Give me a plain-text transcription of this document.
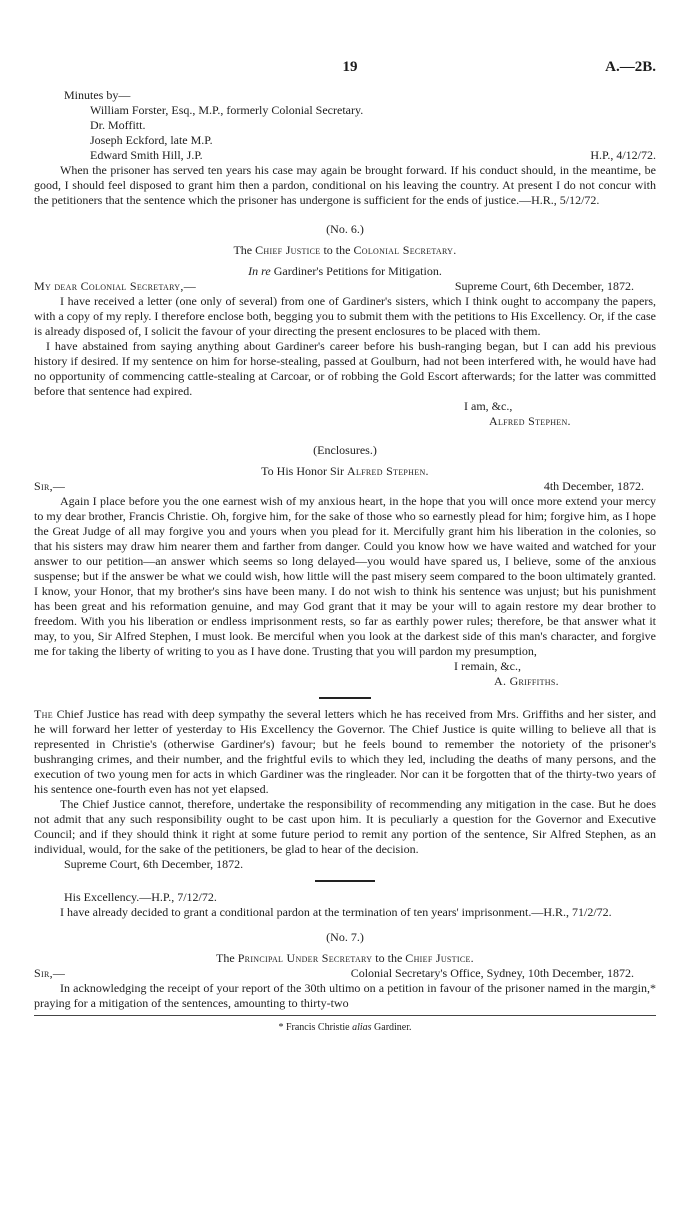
19	A.—2B.
Minutes by—
William Forster, Esq., M.P., formerly Colonial Secretary.
Dr. Moffitt.
Joseph Eckford, late M.P.
Edward Smith Hill, J.P.	H.P., 4/12/72.

When the prisoner has served ten years his case may again be brought forward. If his conduct should, in the meantime, be good, I should feel disposed to grant him then a pardon, conditional on his leaving the country. At present I do not concur with the petitioners that the sentence which the prisoner has undergone is sufficient for the ends of justice.—H.R., 5/12/72.

(No. 6.)
The Chief Justice to the Colonial Secretary.
In re Gardiner's Petitions for Mitigation.
My dear Colonial Secretary,—	Supreme Court, 6th December, 1872.

I have received a letter (one only of several) from one of Gardiner's sisters, which I think ought to accompany the papers, with a copy of my reply. I therefore enclose both, begging you to submit them with the petitions to His Excellency. Or, if the case is already disposed of, I solicit the favour of your directing the present enclosures to be placed with them.

I have abstained from saying anything about Gardiner's career before his bush-ranging began, but I can add his previous history if desired. If my sentence on him for horse-stealing, passed at Goulburn, had not been interfered with, he would have had no opportunity of commencing cattle-stealing at Carcoar, or of robbing the Gold Escort afterwards; for the latter was committed before that sentence had expired.

I am, &c.,
Alfred Stephen.
(Enclosures.)
To His Honor Sir Alfred Stephen.
Sir,—	4th December, 1872.

Again I place before you the one earnest wish of my anxious heart, in the hope that you will once more extend your mercy to my dear brother, Francis Christie. Oh, forgive him, for the sake of those who so earnestly plead for him; forgive him, as I hope the Great Judge of all may forgive you and yours when you plead for it. Mercifully grant him his liberation in the colonies, so that his sisters may draw him nearer them and farther from danger. Could you know how we have waited and watched for your answer to our petition—an answer which seems so long delayed—you would have spared us, I believe, some of the anxious suspense; but if the answer be what we could wish, how little will the past misery seem compared to the boon ultimately granted. I know, your Honor, that my brother's sins have been many. I do not wish to think his sentence was unjust; but his punishment has been great and his reformation genuine, and may God grant that it may be your will to again restore my dear brother to freedom. With you his liberation or endless imprisonment rests, so far as earthly power rules; therefore, be that answer what it may, to you, Sir Alfred Stephen, I must look. Be merciful when you look at the darkest side of this man's character, and forgive me for taking the liberty of writing to you as I have done. Trusting that you will pardon my presumption,

I remain, &c.,
A. Griffiths.

The Chief Justice has read with deep sympathy the several letters which he has received from Mrs. Griffiths and her sister, and he will forward her letter of yesterday to His Excellency the Governor. The Chief Justice is quite willing to believe all that is represented in Christie's (otherwise Gardiner's) favour; but he feels bound to remember the notoriety of the prisoner's bushranging crimes, and their number, and the frightful evils to which they led, including the deaths of many persons, and the execution of two young men for acts in which Gardiner was the ringleader. Nor can it be forgotten that of the thirty-two years of his sentence one-fourth even has not yet elapsed.

The Chief Justice cannot, therefore, undertake the responsibility of recommending any mitigation in the case. But he does not admit that any such responsibility ought to be cast upon him. It is peculiarly a question for the Governor and Executive Council; and if they should think it right at some future period to remit any portion of the sentence, Sir Alfred Stephen, as an individual, would, for the sake of the petitioners, be glad to hear of the decision.

Supreme Court, 6th December, 1872.
His Excellency.—H.P., 7/12/72.

I have already decided to grant a conditional pardon at the termination of ten years' imprisonment.—H.R., 71/2/72.

(No. 7.)
The Principal Under Secretary to the Chief Justice.
Sir,—	Colonial Secretary's Office, Sydney, 10th December, 1872.

In acknowledging the receipt of your report of the 30th ultimo on a petition in favour of the prisoner named in the margin,* praying for a mitigation of the sentences, amounting to thirty-two

* Francis Christie alias Gardiner.
